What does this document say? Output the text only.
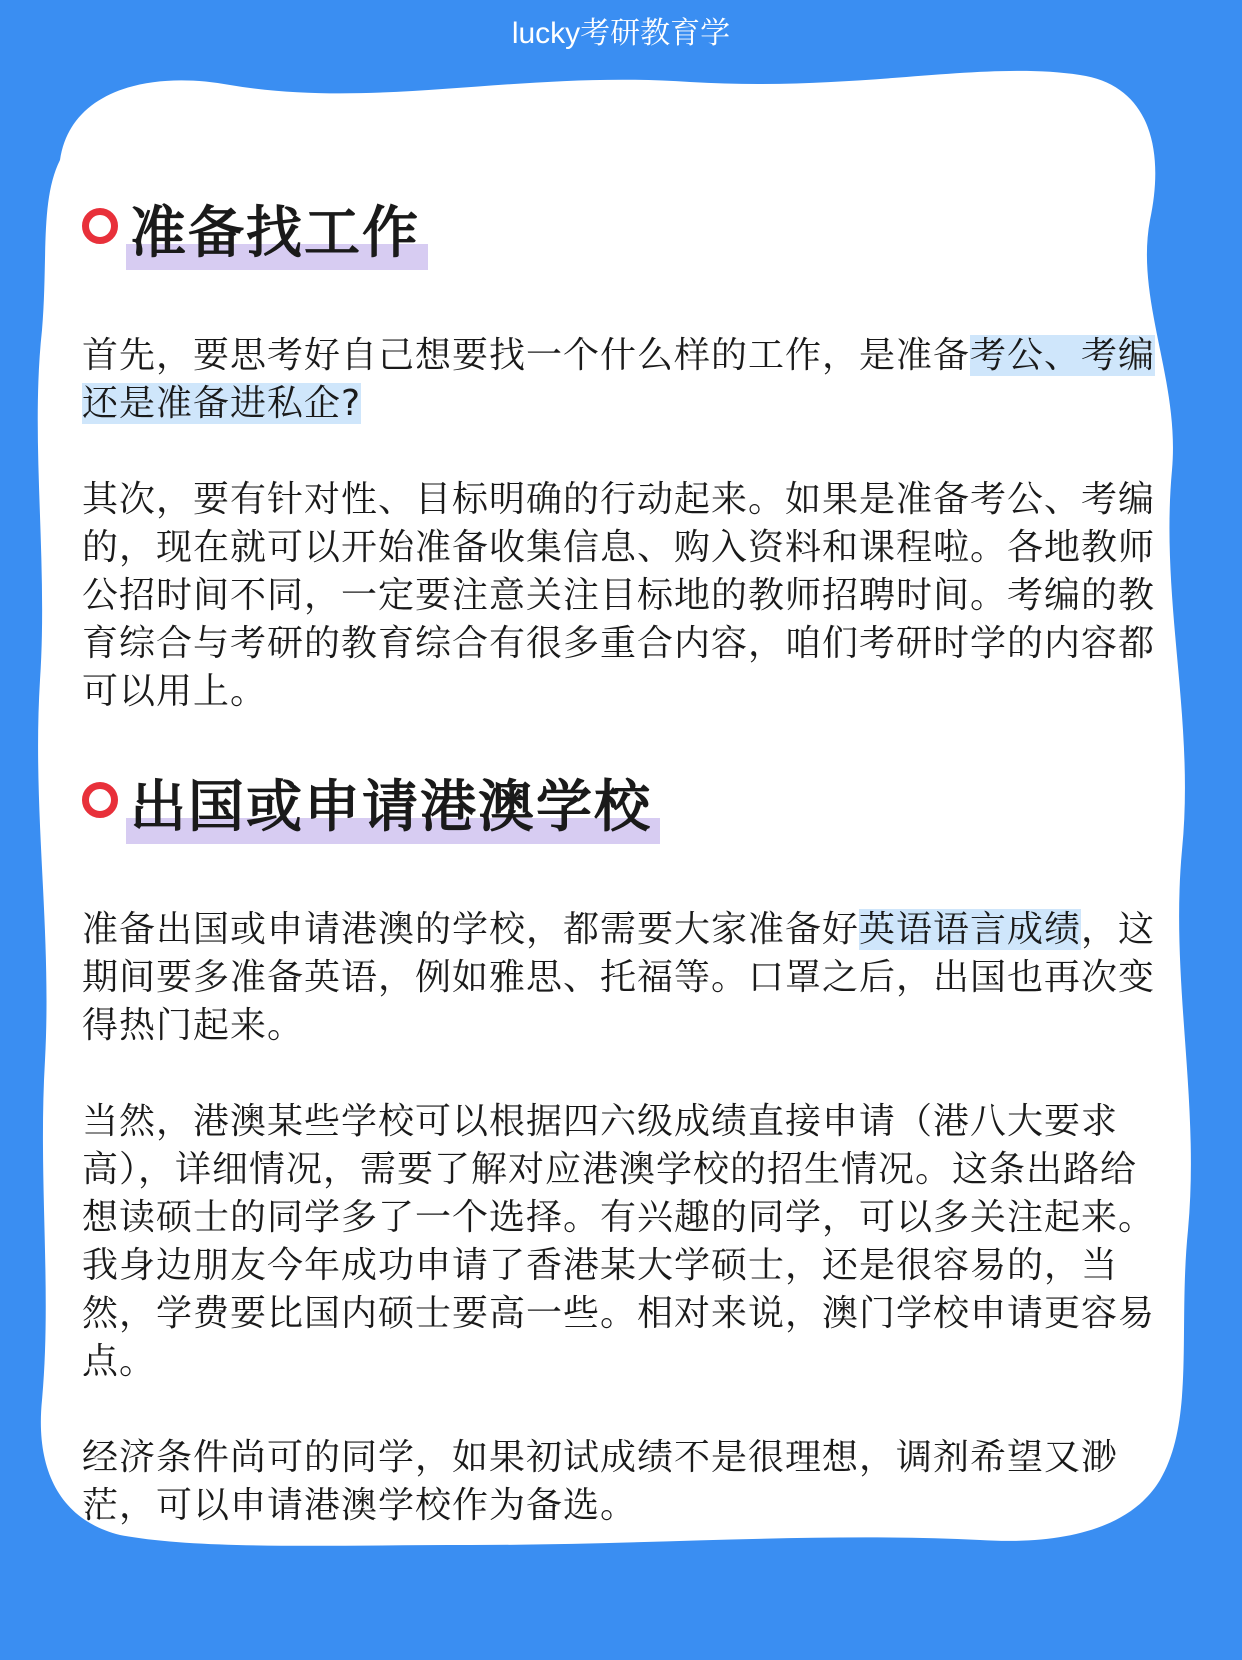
lucky考研教育学
准备找工作

首先，要思考好自己想要找一个什么样的工作，是准备考公、考编还是准备进私企?

其次，要有针对性、目标明确的行动起来。如果是准备考公、考编的，现在就可以开始准备收集信息、购入资料和课程啦。各地教师公招时间不同，一定要注意关注目标地的教师招聘时间。考编的教育综合与考研的教育综合有很多重合内容，咱们考研时学的内容都可以用上。

出国或申请港澳学校

准备出国或申请港澳的学校，都需要大家准备好英语语言成绩，这期间要多准备英语，例如雅思、托福等。口罩之后，出国也再次变得热门起来。

当然，港澳某些学校可以根据四六级成绩直接申请（港八大要求高），详细情况，需要了解对应港澳学校的招生情况。这条出路给想读硕士的同学多了一个选择。有兴趣的同学，可以多关注起来。我身边朋友今年成功申请了香港某大学硕士，还是很容易的，当然，学费要比国内硕士要高一些。相对来说，澳门学校申请更容易点。

经济条件尚可的同学，如果初试成绩不是很理想，调剂希望又渺茫，可以申请港澳学校作为备选。
